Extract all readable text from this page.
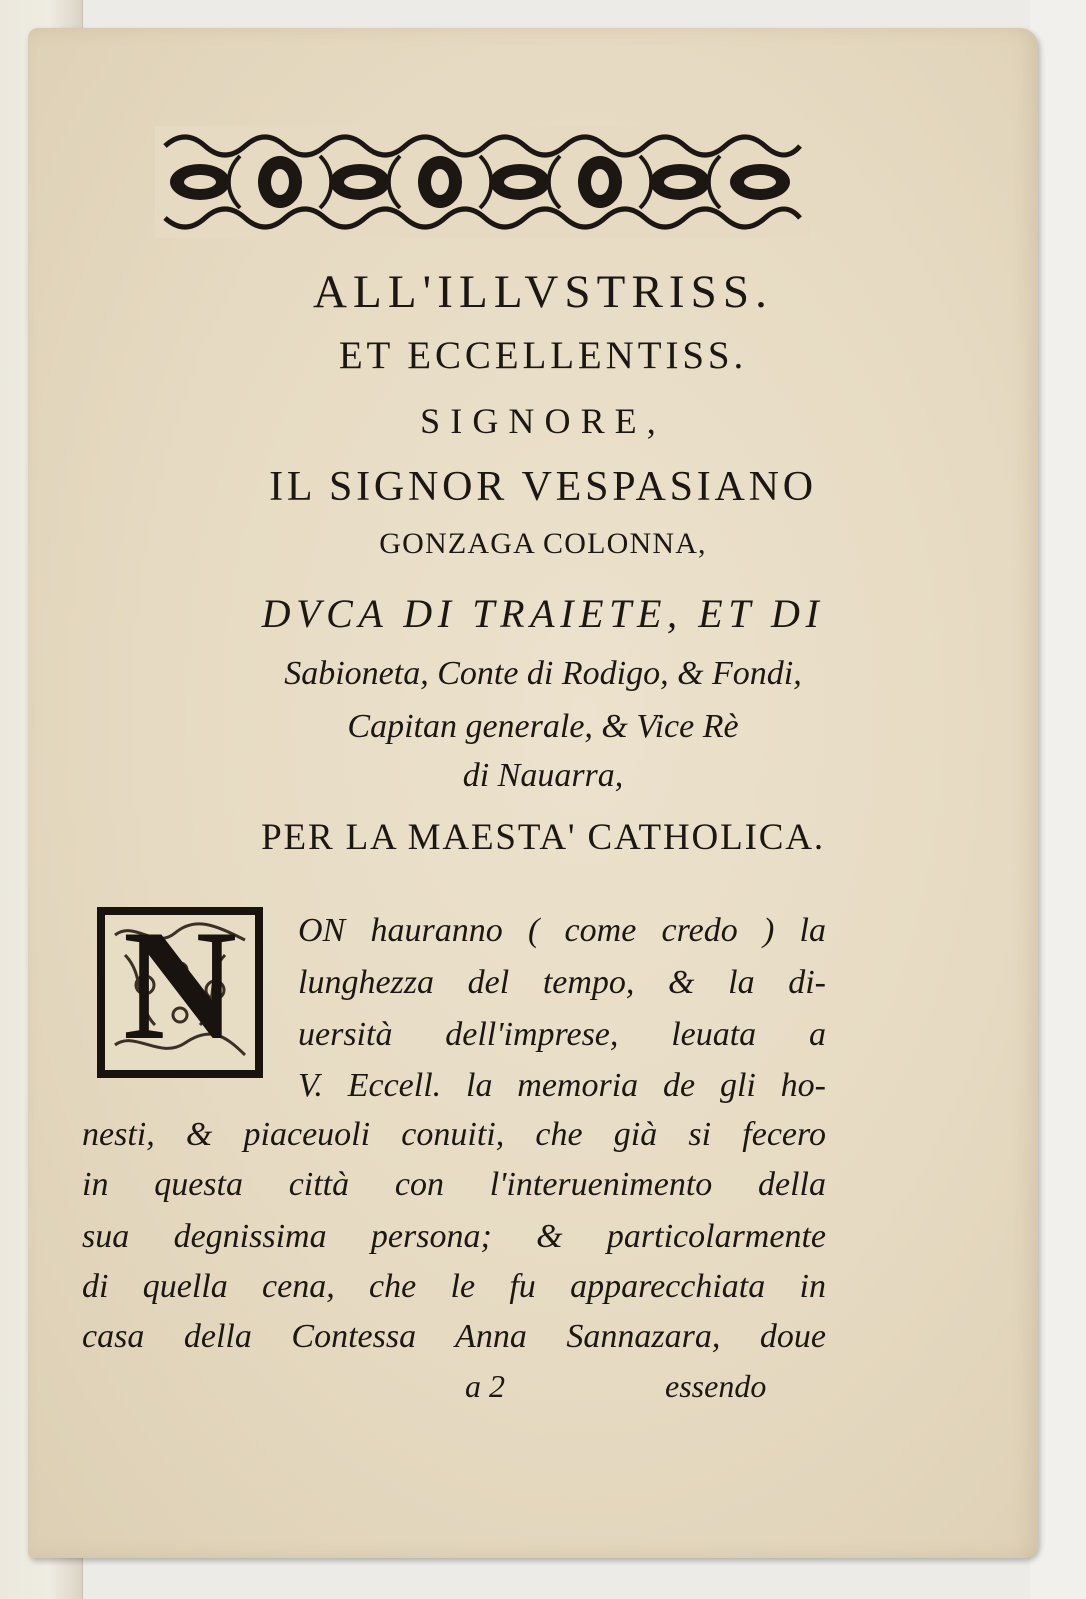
ALL'ILLVSTRISS.

ET ECCELLENTISS.

SIGNORE,

IL SIGNOR VESPASIANO

GONZAGA COLONNA,

DVCA DI TRAIETE, ET DI

Sabioneta, Conte di Rodigo, & Fondi,

Capitan generale, & Vice Rè

di Nauarra,

PER LA MAESTA' CATHOLICA.

N	ON hauranno ( come credo ) la

lunghezza del tempo, & la di-

uersità dell'imprese, leuata a

V. Eccell. la memoria de gli ho-

nesti, & piaceuoli conuiti, che già si fecero

in questa città con l'interuenimento della

sua degnissima persona; & particolarmente

di quella cena, che le fu apparecchiata in

casa della Contessa Anna Sannazara, doue

a 2	essendo
